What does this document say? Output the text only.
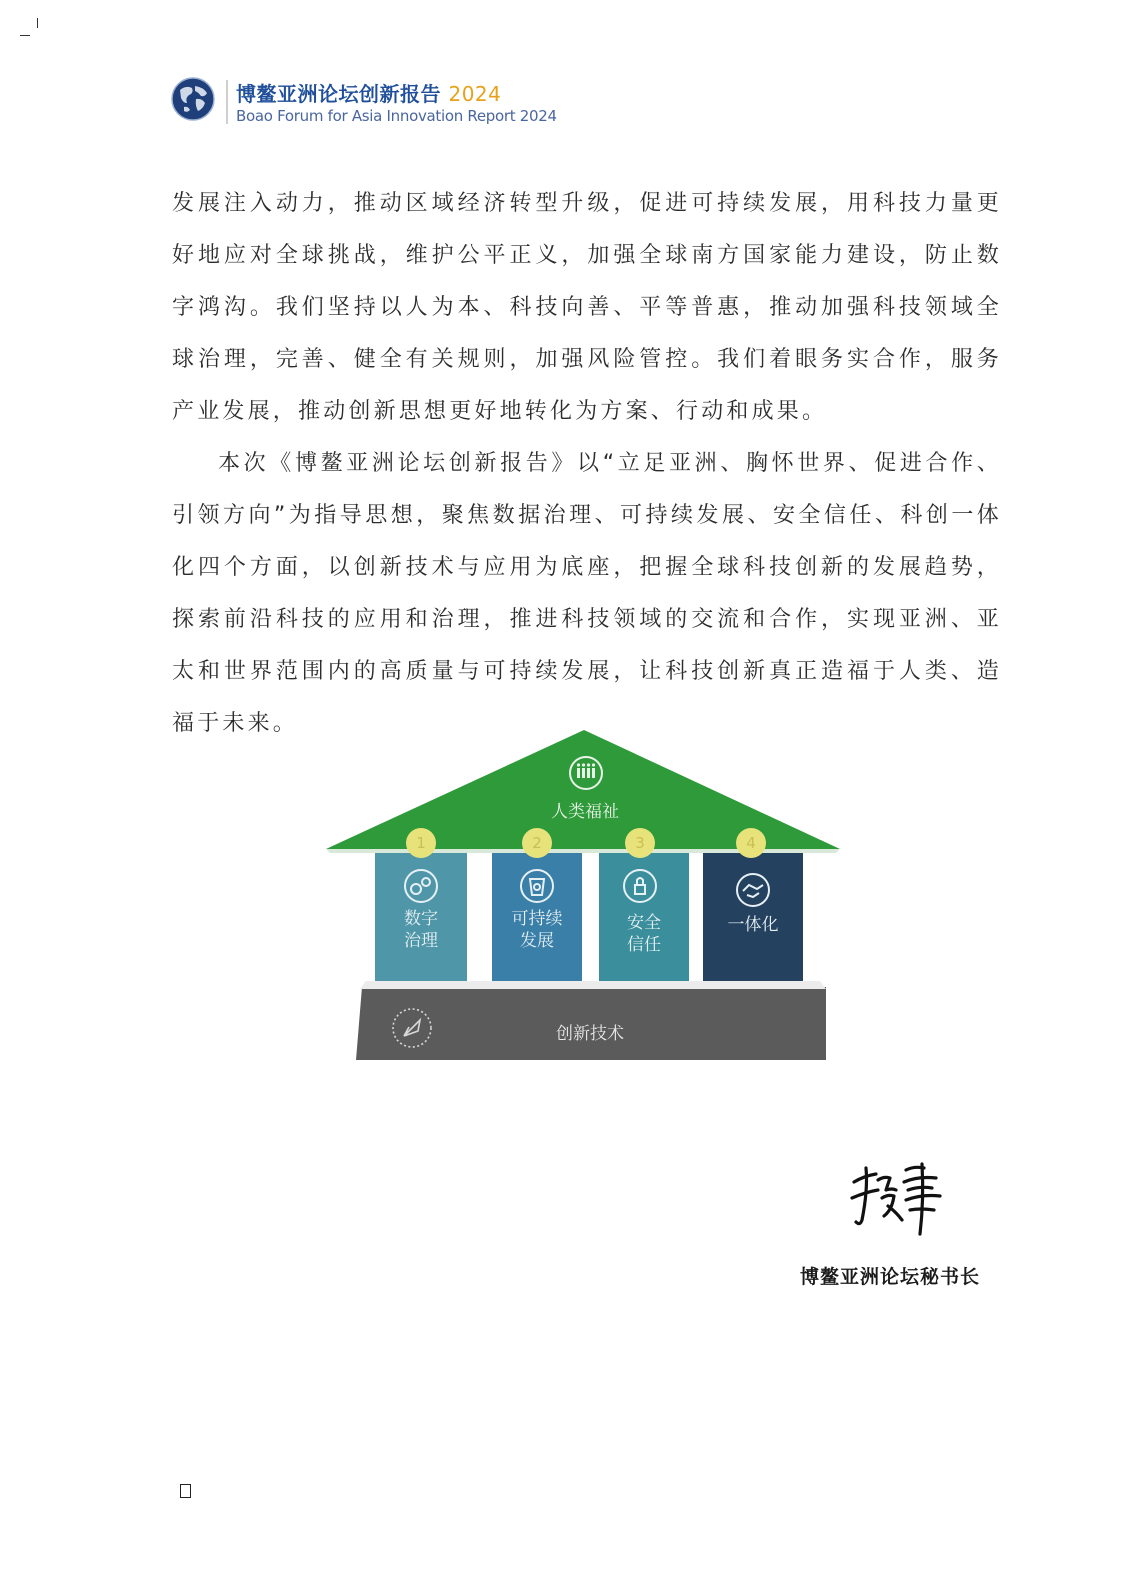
博鳌亚洲论坛创新报告 2024
Boao Forum for Asia Innovation Report 2024

发展注入动力，推动区域经济转型升级，促进可持续发展，用科技力量更好地应对全球挑战，维护公平正义，加强全球南方国家能力建设，防止数字鸿沟。我们坚持以人为本、科技向善、平等普惠，推动加强科技领域全球治理，完善、健全有关规则，加强风险管控。我们着眼务实合作，服务产业发展，推动创新思想更好地转化为方案、行动和成果。

本次《博鳌亚洲论坛创新报告》以“立足亚洲、胸怀世界、促进合作、引领方向”为指导思想，聚焦数据治理、可持续发展、安全信任、科创一体化四个方面，以创新技术与应用为底座，把握全球科技创新的发展趋势，探索前沿科技的应用和治理，推进科技领域的交流和合作，实现亚洲、亚太和世界范围内的高质量与可持续发展，让科技创新真正造福于人类、造福于未来。

人类福祉
1	2	3	4
数字
治理
可持续
发展
安全
信任
一体化
创新技术
博鳌亚洲论坛秘书长
